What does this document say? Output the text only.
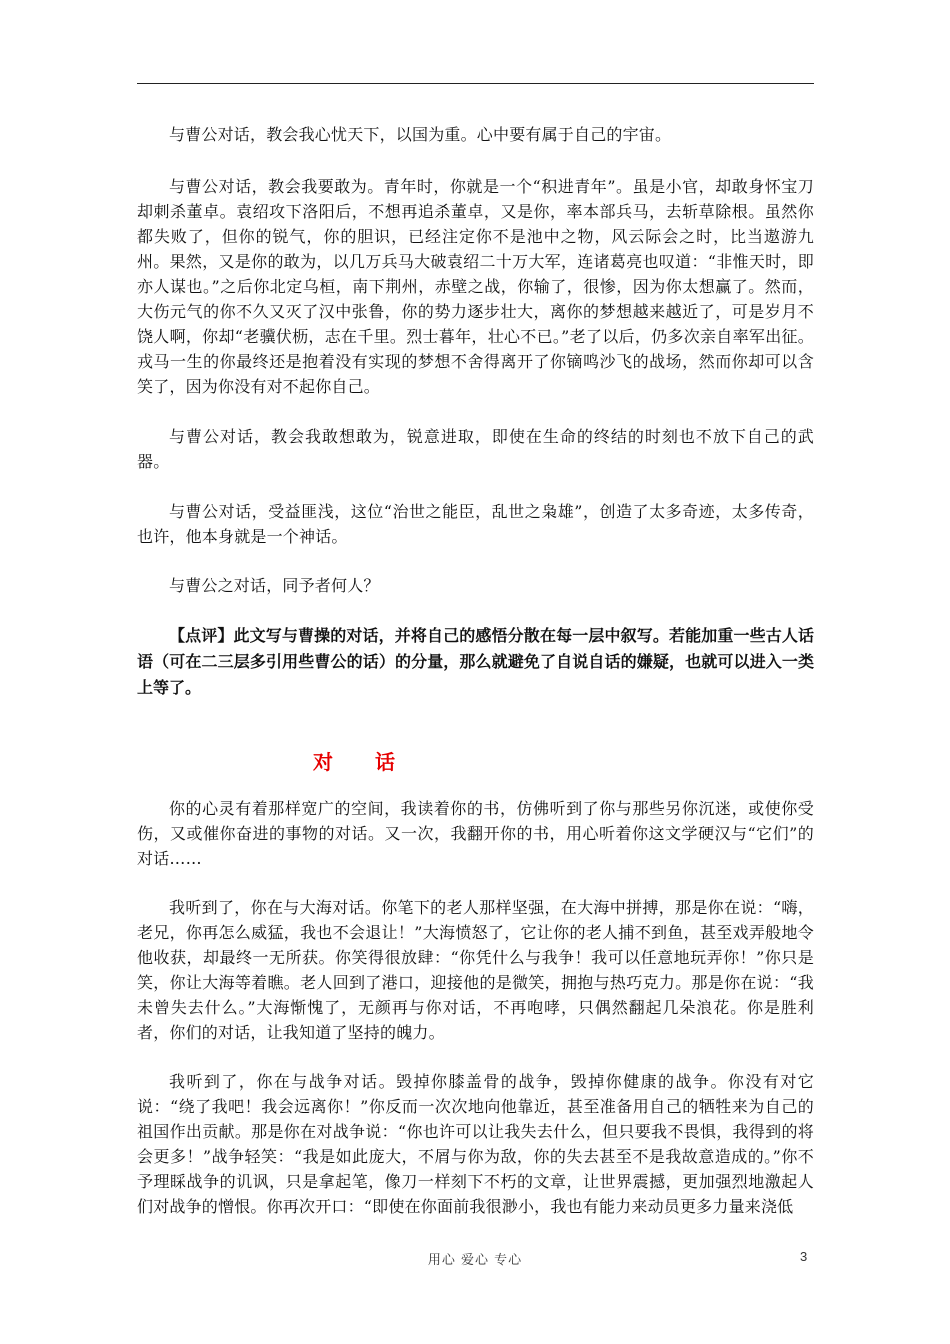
与曹公对话，教会我心忧天下，以国为重。心中要有属于自己的宇宙。

与曹公对话，教会我要敢为。青年时，你就是一个“积进青年”。虽是小官，却敢身怀宝刀却刺杀董卓。袁绍攻下洛阳后，不想再追杀董卓，又是你，率本部兵马，去斩草除根。虽然你都失败了，但你的锐气，你的胆识，已经注定你不是池中之物，风云际会之时，比当遨游九州。果然，又是你的敢为，以几万兵马大破袁绍二十万大军，连诸葛亮也叹道：“非惟天时，即亦人谋也。”之后你北定乌桓，南下荆州，赤壁之战，你输了，很惨，因为你太想赢了。然而，大伤元气的你不久又灭了汉中张鲁，你的势力逐步壮大，离你的梦想越来越近了，可是岁月不饶人啊，你却“老骥伏枥，志在千里。烈士暮年，壮心不已。”老了以后，仍多次亲自率军出征。戎马一生的你最终还是抱着没有实现的梦想不舍得离开了你镝鸣沙飞的战场，然而你却可以含笑了，因为你没有对不起你自己。

与曹公对话，教会我敢想敢为，锐意进取，即使在生命的终结的时刻也不放下自己的武器。

与曹公对话，受益匪浅，这位“治世之能臣，乱世之枭雄”，创造了太多奇迹，太多传奇，也许，他本身就是一个神话。

与曹公之对话，同予者何人？

【点评】此文写与曹操的对话，并将自己的感悟分散在每一层中叙写。若能加重一些古人话语（可在二三层多引用些曹公的话）的分量，那么就避免了自说自话的嫌疑，也就可以进入一类上等了。

对话

你的心灵有着那样宽广的空间，我读着你的书，仿佛听到了你与那些另你沉迷，或使你受伤，又或催你奋进的事物的对话。又一次，我翻开你的书，用心听着你这文学硬汉与“它们”的对话……

我听到了，你在与大海对话。你笔下的老人那样坚强，在大海中拼搏，那是你在说：“嗨，老兄，你再怎么威猛，我也不会退让！”大海愤怒了，它让你的老人捕不到鱼，甚至戏弄般地令他收获，却最终一无所获。你笑得很放肆：“你凭什么与我争！我可以任意地玩弄你！”你只是笑，你让大海等着瞧。老人回到了港口，迎接他的是微笑，拥抱与热巧克力。那是你在说：“我未曾失去什么。”大海惭愧了，无颜再与你对话，不再咆哮，只偶然翻起几朵浪花。你是胜利者，你们的对话，让我知道了坚持的魄力。

我听到了，你在与战争对话。毁掉你膝盖骨的战争，毁掉你健康的战争。你没有对它说：“绕了我吧！我会远离你！”你反而一次次地向他靠近，甚至准备用自己的牺牲来为自己的祖国作出贡献。那是你在对战争说：“你也许可以让我失去什么，但只要我不畏惧，我得到的将会更多！”战争轻笑：“我是如此庞大，不屑与你为敌，你的失去甚至不是我故意造成的。”你不予理睬战争的讥讽，只是拿起笔，像刀一样刻下不朽的文章，让世界震撼，更加强烈地激起人们对战争的憎恨。你再次开口：“即使在你面前我很渺小，我也有能力来动员更多力量来浇低

用心 爱心 专心	3
